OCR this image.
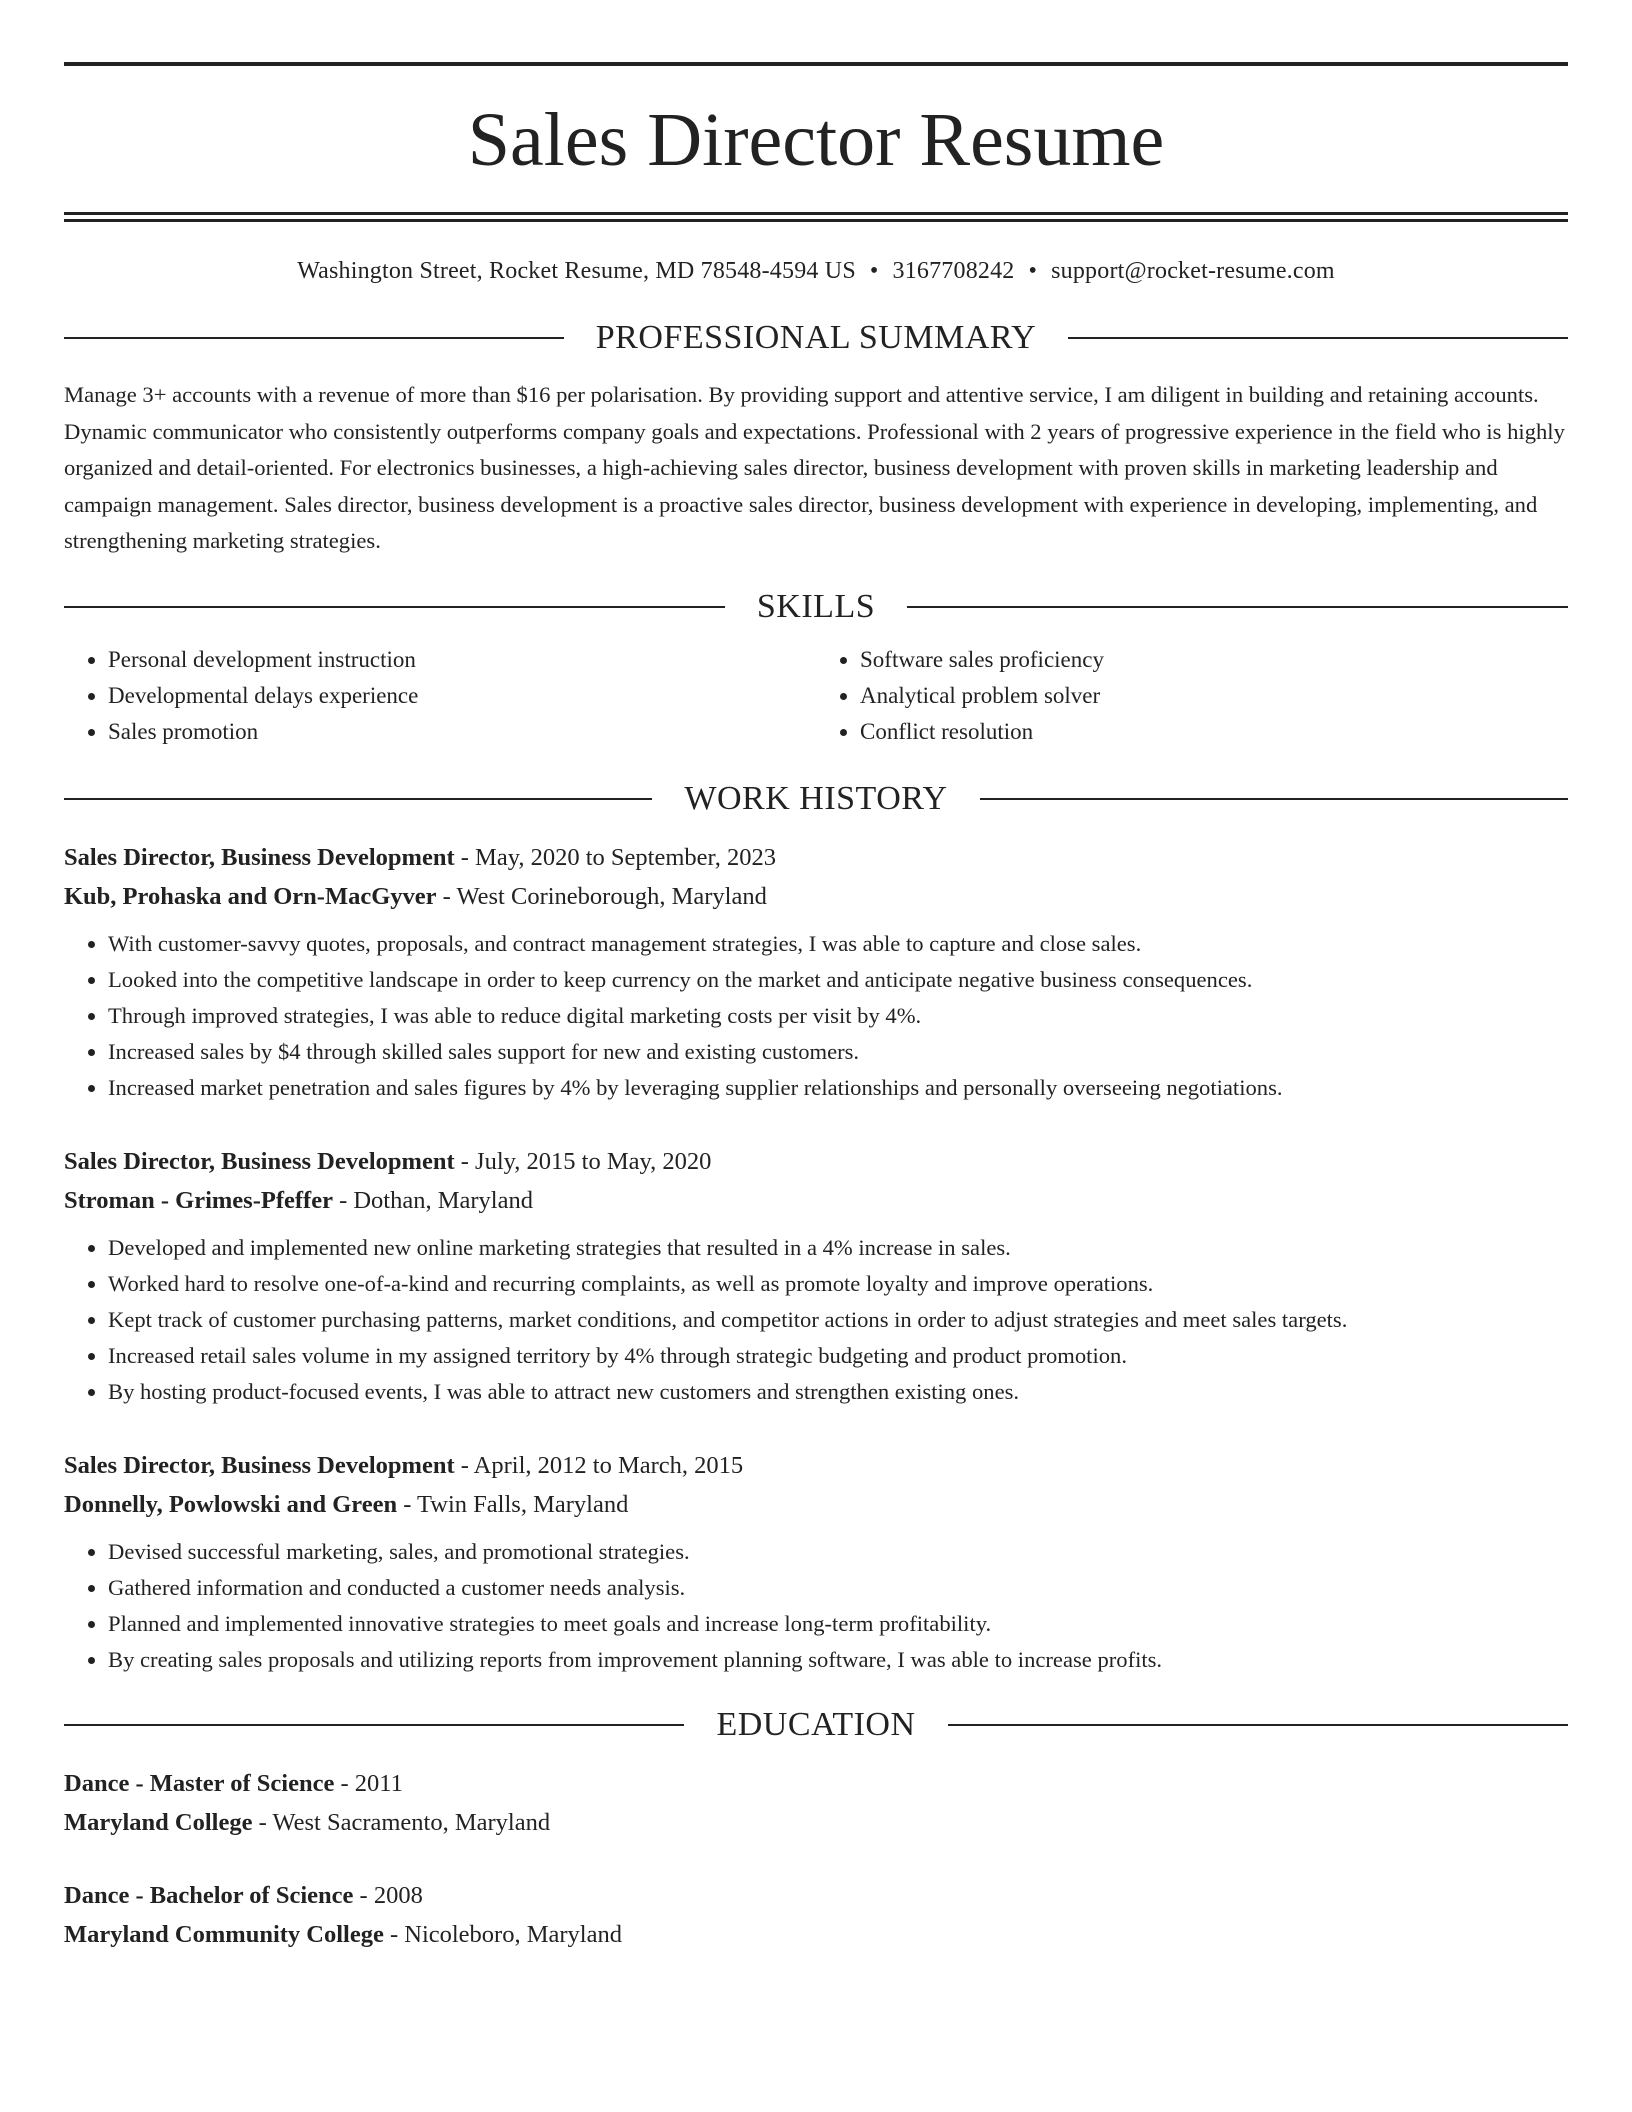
Sales Director Resume
Washington Street, Rocket Resume, MD 78548-4594 US • 3167708242 • support@rocket-resume.com
PROFESSIONAL SUMMARY
Manage 3+ accounts with a revenue of more than $16 per polarisation. By providing support and attentive service, I am diligent in building and retaining accounts. Dynamic communicator who consistently outperforms company goals and expectations. Professional with 2 years of progressive experience in the field who is highly organized and detail-oriented. For electronics businesses, a high-achieving sales director, business development with proven skills in marketing leadership and campaign management. Sales director, business development is a proactive sales director, business development with experience in developing, implementing, and strengthening marketing strategies.
SKILLS
• Personal development instruction
• Developmental delays experience
• Sales promotion
• Software sales proficiency
• Analytical problem solver
• Conflict resolution
WORK HISTORY
Sales Director, Business Development - May, 2020 to September, 2023
Kub, Prohaska and Orn-MacGyver - West Corineborough, Maryland
• With customer-savvy quotes, proposals, and contract management strategies, I was able to capture and close sales.
• Looked into the competitive landscape in order to keep currency on the market and anticipate negative business consequences.
• Through improved strategies, I was able to reduce digital marketing costs per visit by 4%.
• Increased sales by $4 through skilled sales support for new and existing customers.
• Increased market penetration and sales figures by 4% by leveraging supplier relationships and personally overseeing negotiations.
Sales Director, Business Development - July, 2015 to May, 2020
Stroman - Grimes-Pfeffer - Dothan, Maryland
• Developed and implemented new online marketing strategies that resulted in a 4% increase in sales.
• Worked hard to resolve one-of-a-kind and recurring complaints, as well as promote loyalty and improve operations.
• Kept track of customer purchasing patterns, market conditions, and competitor actions in order to adjust strategies and meet sales targets.
• Increased retail sales volume in my assigned territory by 4% through strategic budgeting and product promotion.
• By hosting product-focused events, I was able to attract new customers and strengthen existing ones.
Sales Director, Business Development - April, 2012 to March, 2015
Donnelly, Powlowski and Green - Twin Falls, Maryland
• Devised successful marketing, sales, and promotional strategies.
• Gathered information and conducted a customer needs analysis.
• Planned and implemented innovative strategies to meet goals and increase long-term profitability.
• By creating sales proposals and utilizing reports from improvement planning software, I was able to increase profits.
EDUCATION
Dance - Master of Science - 2011
Maryland College - West Sacramento, Maryland
Dance - Bachelor of Science - 2008
Maryland Community College - Nicoleboro, Maryland
